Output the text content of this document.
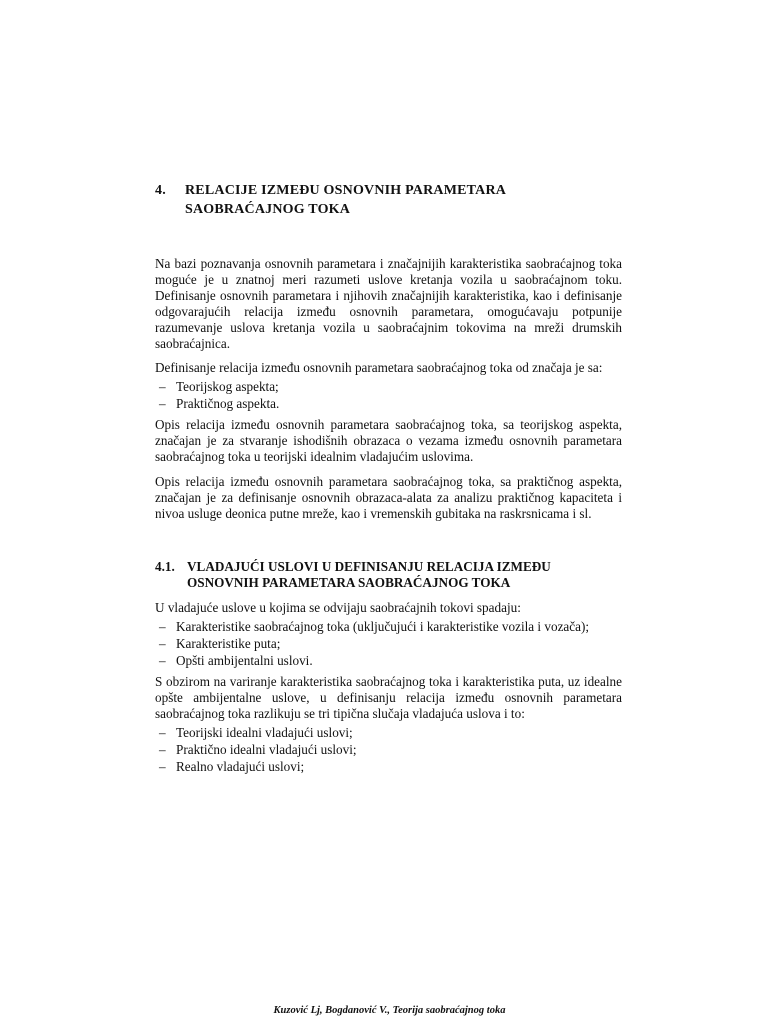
4.	RELACIJE IZMEĐU OSNOVNIH PARAMETARA SAOBRAĆAJNOG TOKA

Na bazi poznavanja osnovnih parametara i značajnijih karakteristika saobraćajnog toka moguće je u znatnoj meri razumeti uslove kretanja vozila u saobraćajnom toku. Definisanje osnovnih parametara i njihovih značajnijih karakteristika, kao i definisanje odgovarajućih relacija između osnovnih parametara, omogućavaju potpunije razumevanje uslova kretanja vozila u saobraćajnim tokovima na mreži drumskih saobraćajnica.

Definisanje relacija između osnovnih parametara saobraćajnog toka od značaja je sa:

– Teorijskog aspekta;
– Praktičnog aspekta.

Opis relacija između osnovnih parametara saobraćajnog toka, sa teorijskog aspekta, značajan je za stvaranje ishodišnih obrazaca o vezama između osnovnih parametara saobraćajnog toka u teorijski idealnim vladajućim uslovima.

Opis relacija između osnovnih parametara saobraćajnog toka, sa praktičnog aspekta, značajan je za definisanje osnovnih obrazaca-alata za analizu praktičnog kapaciteta i nivoa usluge deonica putne mreže, kao i vremenskih gubitaka na raskrsnicama i sl.

4.1. VLADAJUĆI USLOVI U DEFINISANJU RELACIJA IZMEĐU OSNOVNIH PARAMETARA SAOBRAĆAJNOG TOKA

U vladajuće uslove u kojima se odvijaju saobraćajnih tokovi spadaju:

– Karakteristike saobraćajnog toka (uključujući i karakteristike vozila i vozača);
– Karakteristike puta;
– Opšti ambijentalni uslovi.

S obzirom na variranje karakteristika saobraćajnog toka i karakteristika puta, uz idealne opšte ambijentalne uslove, u definisanju relacija između osnovnih parametara saobraćajnog toka razlikuju se tri tipična slučaja vladajuća uslova i to:

– Teorijski idealni vladajući uslovi;
– Praktično idealni vladajući uslovi;
– Realno vladajući uslovi;
Kuzović Lj, Bogdanović V., Teorija saobraćajnog toka
